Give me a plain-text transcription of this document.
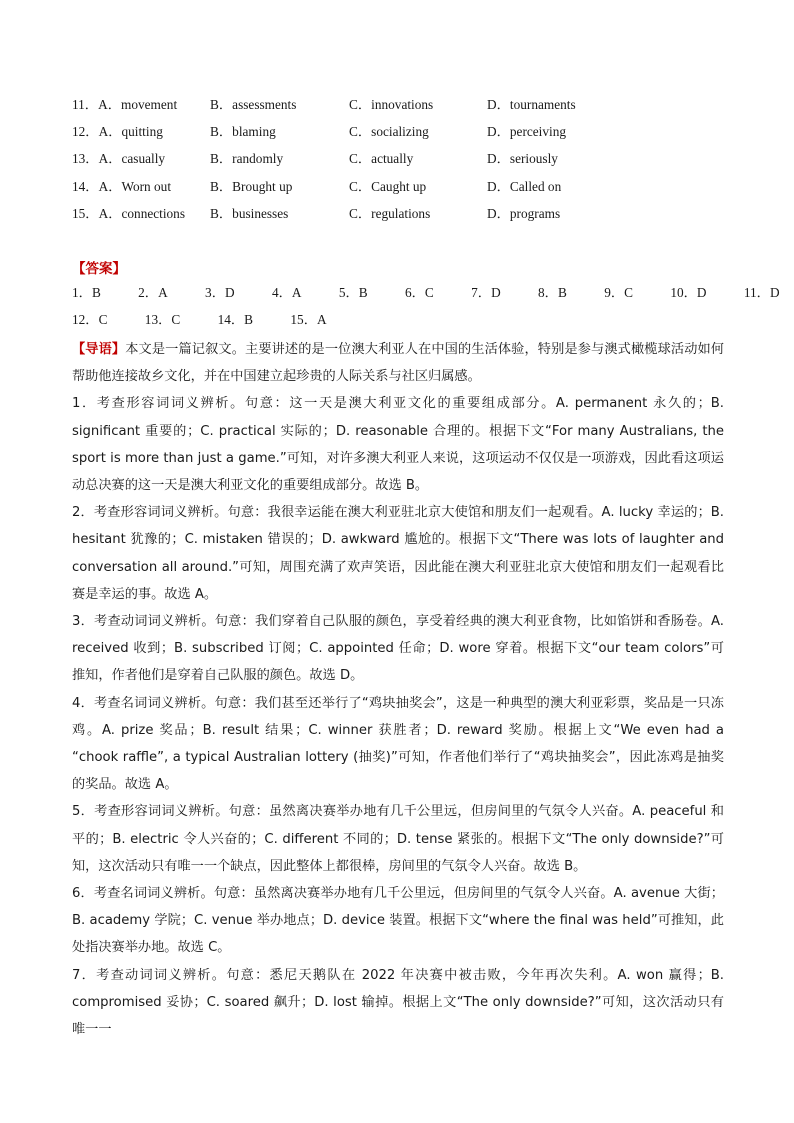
11．A．movement B．assessments	C．innovations	D．tournaments
12．A．quitting	B．blaming	C．socializing	D．perceiving
13．A．casually	B．randomly	C．actually	D．seriously
14．A．Worn out	B．Brought up	C．Caught up	D．Called on
15．A．connections B．businesses	C．regulations	D．programs
【答案】
1．B	2．A	3．D	4．A	5．B	6．C	7．D	8．B	9．C	10．D	11．D
12．C	13．C	14．B	15．A

【导语】本文是一篇记叙文。主要讲述的是一位澳大利亚人在中国的生活体验，特别是参与澳式橄榄球活动如何帮助他连接故乡文化，并在中国建立起珍贵的人际关系与社区归属感。

1．考查形容词词义辨析。句意：这一天是澳大利亚文化的重要组成部分。A. permanent 永久的；B. significant 重要的；C. practical 实际的；D. reasonable 合理的。根据下文“For many Australians, the sport is more than just a game.”可知，对许多澳大利亚人来说，这项运动不仅仅是一项游戏，因此看这项运动总决赛的这一天是澳大利亚文化的重要组成部分。故选 B。

2．考查形容词词义辨析。句意：我很幸运能在澳大利亚驻北京大使馆和朋友们一起观看。A. lucky 幸运的；B. hesitant 犹豫的；C. mistaken 错误的；D. awkward 尴尬的。根据下文“There was lots of laughter and conversation all around.”可知，周围充满了欢声笑语，因此能在澳大利亚驻北京大使馆和朋友们一起观看比赛是幸运的事。故选 A。

3．考查动词词义辨析。句意：我们穿着自己队服的颜色，享受着经典的澳大利亚食物，比如馅饼和香肠卷。A. received 收到；B. subscribed 订阅；C. appointed 任命；D. wore 穿着。根据下文“our team colors”可推知，作者他们是穿着自己队服的颜色。故选 D。

4．考查名词词义辨析。句意：我们甚至还举行了“鸡块抽奖会”，这是一种典型的澳大利亚彩票，奖品是一只冻鸡。A. prize 奖品；B. result 结果；C. winner 获胜者；D. reward 奖励。根据上文“We even had a “chook raffle”, a typical Australian lottery (抽奖)”可知，作者他们举行了“鸡块抽奖会”，因此冻鸡是抽奖的奖品。故选 A。

5．考查形容词词义辨析。句意：虽然离决赛举办地有几千公里远，但房间里的气氛令人兴奋。A. peaceful 和平的；B. electric 令人兴奋的；C. different 不同的；D. tense 紧张的。根据下文“The only downside?”可知，这次活动只有唯一一个缺点，因此整体上都很棒，房间里的气氛令人兴奋。故选 B。

6．考查名词词义辨析。句意：虽然离决赛举办地有几千公里远，但房间里的气氛令人兴奋。A. avenue 大街；B. academy 学院；C. venue 举办地点；D. device 装置。根据下文“where the final was held”可推知，此处指决赛举办地。故选 C。

7．考查动词词义辨析。句意：悉尼天鹅队在 2022 年决赛中被击败，今年再次失利。A. won 赢得；B. compromised 妥协；C. soared 飙升；D. lost 输掉。根据上文“The only downside?”可知，这次活动只有唯一一
